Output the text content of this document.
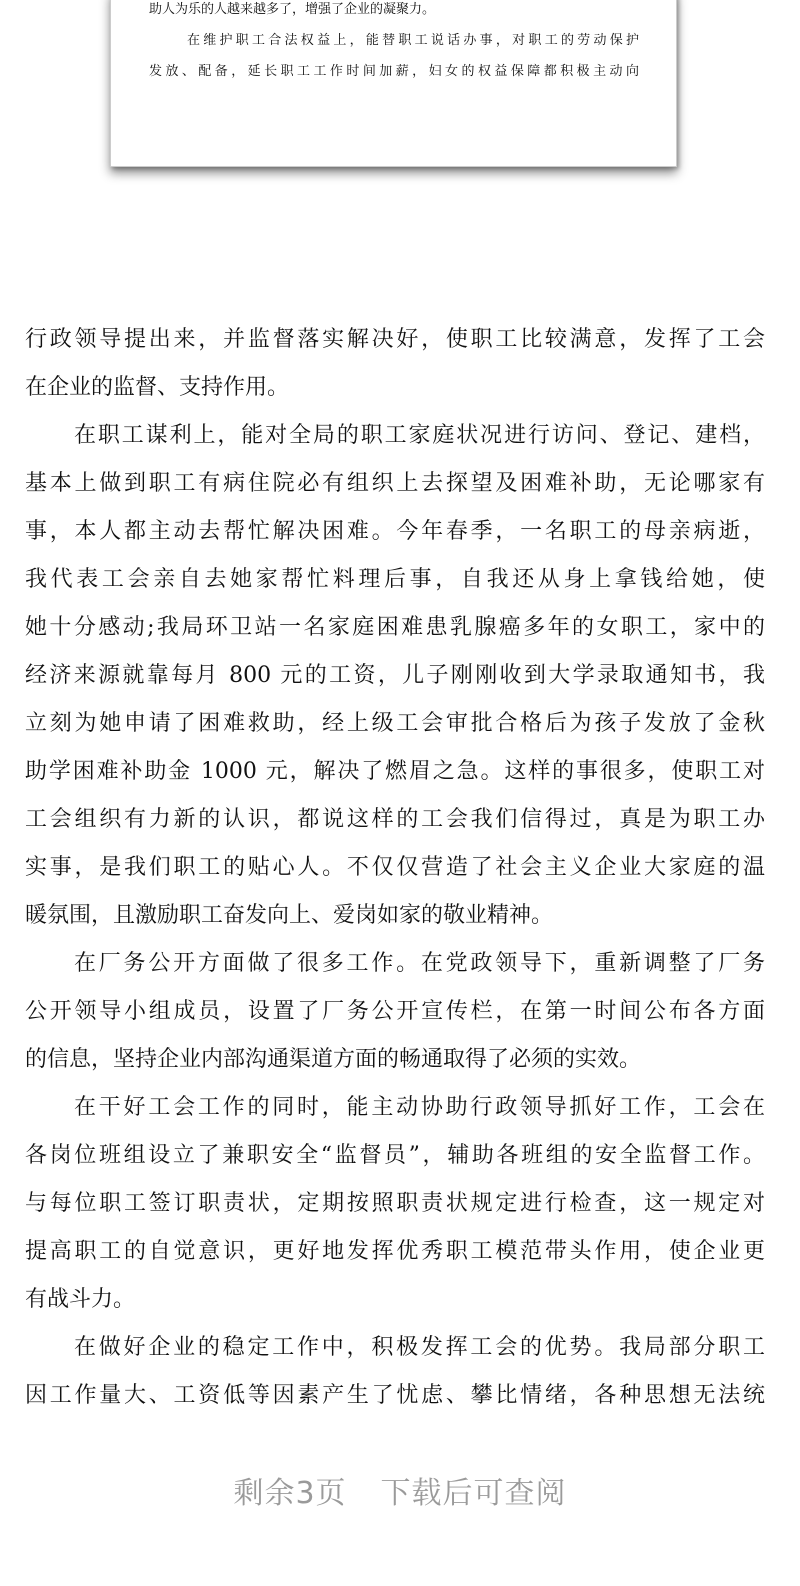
助人为乐的人越来越多了，增强了企业的凝聚力。
在维护职工合法权益上，能替职工说话办事，对职工的劳动保护
发放、配备，延长职工工作时间加薪，妇女的权益保障都积极主动向
行政领导提出来，并监督落实解决好，使职工比较满意，发挥了工会
在企业的监督、支持作用。
在职工谋利上，能对全局的职工家庭状况进行访问、登记、建档，
基本上做到职工有病住院必有组织上去探望及困难补助，无论哪家有
事，本人都主动去帮忙解决困难。今年春季，一名职工的母亲病逝，
我代表工会亲自去她家帮忙料理后事，自我还从身上拿钱给她，使
她十分感动;我局环卫站一名家庭困难患乳腺癌多年的女职工，家中的
经济来源就靠每月 800 元的工资，儿子刚刚收到大学录取通知书，我
立刻为她申请了困难救助，经上级工会审批合格后为孩子发放了金秋
助学困难补助金 1000 元，解决了燃眉之急。这样的事很多，使职工对
工会组织有力新的认识，都说这样的工会我们信得过，真是为职工办
实事，是我们职工的贴心人。不仅仅营造了社会主义企业大家庭的温
暖氛围，且激励职工奋发向上、爱岗如家的敬业精神。
在厂务公开方面做了很多工作。在党政领导下，重新调整了厂务
公开领导小组成员，设置了厂务公开宣传栏，在第一时间公布各方面
的信息，坚持企业内部沟通渠道方面的畅通取得了必须的实效。
在干好工会工作的同时，能主动协助行政领导抓好工作，工会在
各岗位班组设立了兼职安全“监督员”，辅助各班组的安全监督工作。
与每位职工签订职责状，定期按照职责状规定进行检查，这一规定对
提高职工的自觉意识，更好地发挥优秀职工模范带头作用，使企业更
有战斗力。
在做好企业的稳定工作中，积极发挥工会的优势。我局部分职工
因工作量大、工资低等因素产生了忧虑、攀比情绪，各种思想无法统
剩余3页 下载后可查阅
